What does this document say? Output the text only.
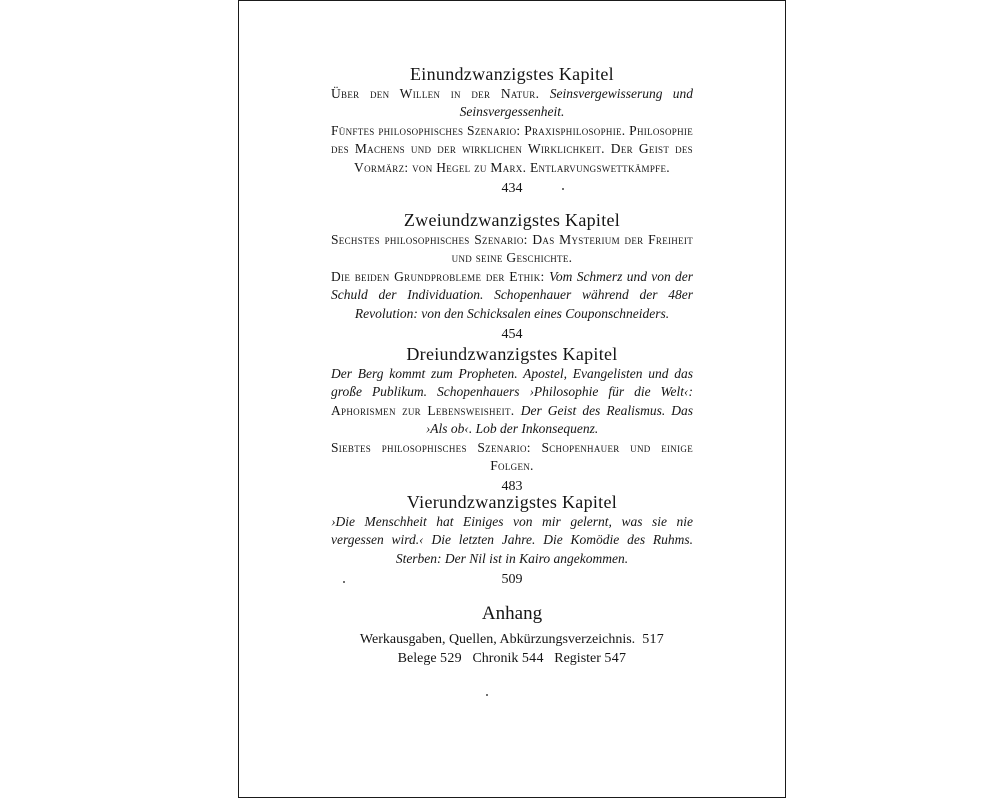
Einundzwanzigstes Kapitel
Über den Willen in der Natur. Seinsvergewisserung und Seinsvergessenheit.
Fünftes philosophisches Szenario: Praxisphilosophie. Philosophie des Machens und der wirklichen Wirklichkeit. Der Geist des Vormärz: von Hegel zu Marx. Entlarvungswettkämpfe.
434
Zweiundzwanzigstes Kapitel
Sechstes philosophisches Szenario: Das Mysterium der Freiheit und seine Geschichte.
Die beiden Grundprobleme der Ethik: Vom Schmerz und von der Schuld der Individuation. Schopenhauer während der 48er Revolution: von den Schicksalen eines Couponschneiders.
454
Dreiundzwanzigstes Kapitel
Der Berg kommt zum Propheten. Apostel, Evangelisten und das große Publikum. Schopenhauers ›Philosophie für die Welt‹: Aphorismen zur Lebensweisheit. Der Geist des Realismus. Das ›Als ob‹. Lob der Inkonsequenz.
Siebtes philosophisches Szenario: Schopenhauer und einige Folgen.
483
Vierundzwanzigstes Kapitel
›Die Menschheit hat Einiges von mir gelernt, was sie nie vergessen wird.‹ Die letzten Jahre. Die Komödie des Ruhms. Sterben: Der Nil ist in Kairo angekommen.
509
Anhang
Werkausgaben, Quellen, Abkürzungsverzeichnis. 517
Belege 529 Chronik 544 Register 547
